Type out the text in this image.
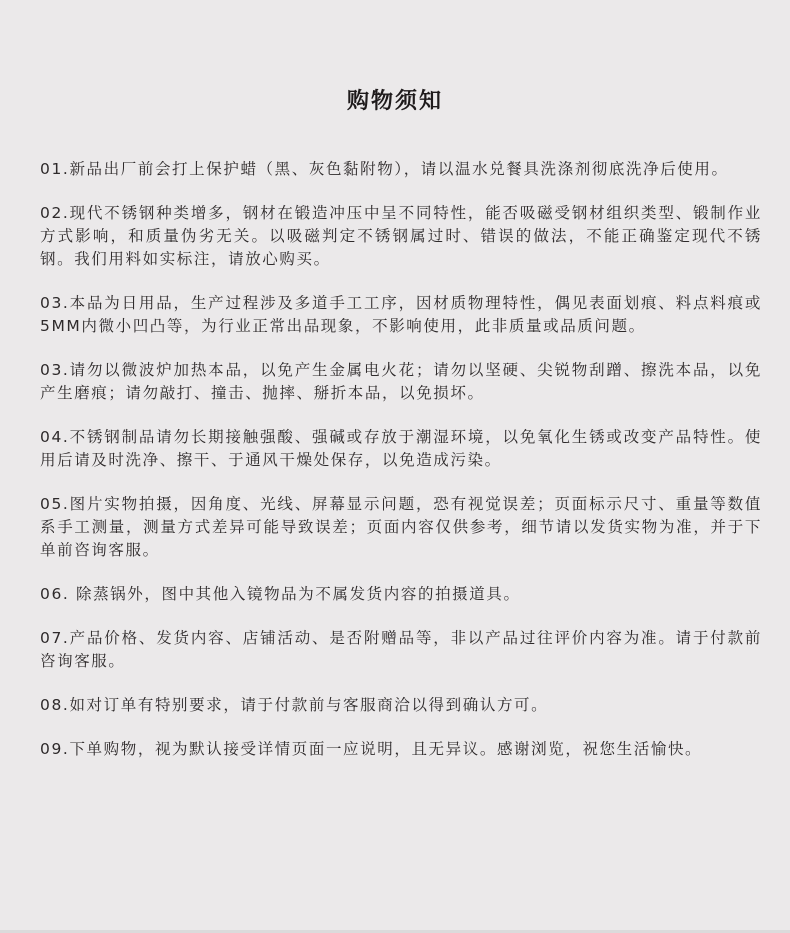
购物须知

01.新品出厂前会打上保护蜡（黑、灰色黏附物），请以温水兑餐具洗涤剂彻底洗净后使用。

02.现代不锈钢种类增多，钢材在锻造冲压中呈不同特性，能否吸磁受钢材组织类型、锻制作业方式影响，和质量伪劣无关。以吸磁判定不锈钢属过时、错误的做法，不能正确鉴定现代不锈钢。我们用料如实标注，请放心购买。

03.本品为日用品，生产过程涉及多道手工工序，因材质物理特性，偶见表面划痕、料点料痕或5MM内微小凹凸等，为行业正常出品现象，不影响使用，此非质量或品质问题。

03.请勿以微波炉加热本品，以免产生金属电火花；请勿以坚硬、尖锐物刮蹭、擦洗本品，以免产生磨痕；请勿敲打、撞击、抛摔、掰折本品，以免损坏。

04.不锈钢制品请勿长期接触强酸、强碱或存放于潮湿环境，以免氧化生锈或改变产品特性。使用后请及时洗净、擦干、于通风干燥处保存，以免造成污染。

05.图片实物拍摄，因角度、光线、屏幕显示问题，恐有视觉误差；页面标示尺寸、重量等数值系手工测量，测量方式差异可能导致误差；页面内容仅供参考，细节请以发货实物为准，并于下单前咨询客服。

06. 除蒸锅外，图中其他入镜物品为不属发货内容的拍摄道具。

07.产品价格、发货内容、店铺活动、是否附赠品等，非以产品过往评价内容为准。请于付款前咨询客服。

08.如对订单有特别要求，请于付款前与客服商洽以得到确认方可。

09.下单购物，视为默认接受详情页面一应说明，且无异议。感谢浏览，祝您生活愉快。
